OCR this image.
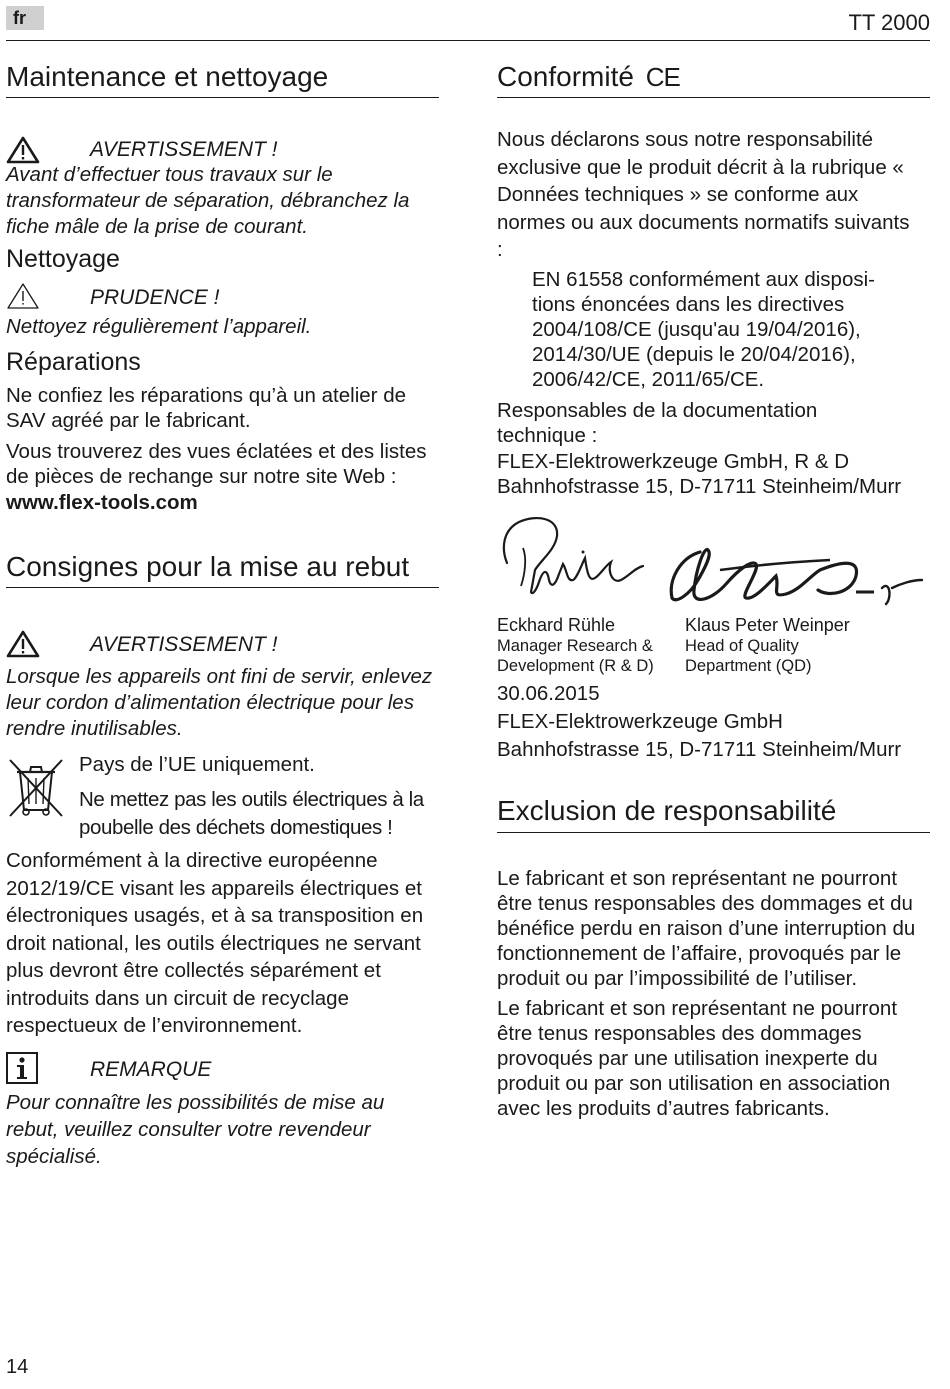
fr	TT 2000
Maintenance et nettoyage
AVERTISSEMENT !
Avant d’effectuer tous travaux sur le transformateur de séparation, débranchez la fiche mâle de la prise de courant.
Nettoyage
PRUDENCE !
Nettoyez régulièrement l’appareil.
Réparations
Ne confiez les réparations qu’à un atelier de SAV agréé par le fabricant.
Vous trouverez des vues éclatées et des listes de pièces de rechange sur notre site Web :
www.flex-tools.com
Consignes pour la mise au rebut
AVERTISSEMENT !
Lorsque les appareils ont fini de servir, enlevez leur cordon d’alimentation électrique pour les rendre inutilisables.
Pays de l’UE uniquement.
Ne mettez pas les outils électriques à la poubelle des déchets domestiques !
Conformément à la directive européenne 2012/19/CE visant les appareils électriques et électroniques usagés, et à sa transposition en droit national, les outils électriques ne servant plus devront être collectés séparément et introduits dans un circuit de recyclage respectueux de l’environnement.
REMARQUE
Pour connaître les possibilités de mise au rebut, veuillez consulter votre revendeur spécialisé.
Conformité CE
Nous déclarons sous notre responsabilité exclusive que le produit décrit à la rubrique « Données techniques » se conforme aux normes ou aux documents normatifs suivants :
EN 61558 conformément aux disposi-tions énoncées dans les directives 2004/108/CE (jusqu'au 19/04/2016), 2014/30/UE (depuis le 20/04/2016), 2006/42/CE, 2011/65/CE.
Responsables de la documentation technique :
FLEX-Elektrowerkzeuge GmbH, R & D
Bahnhofstrasse 15, D-71711 Steinheim/Murr
Eckhard Rühle
Manager Research & Development (R & D)
Klaus Peter Weinper
Head of Quality Department (QD)
30.06.2015
FLEX-Elektrowerkzeuge GmbH
Bahnhofstrasse 15, D-71711 Steinheim/Murr
Exclusion de responsabilité
Le fabricant et son représentant ne pourront être tenus responsables des dommages et du bénéfice perdu en raison d’une interruption du fonctionnement de l’affaire, provoqués par le produit ou par l’impossibilité de l’utiliser.
Le fabricant et son représentant ne pourront être tenus responsables des dommages provoqués par une utilisation inexperte du produit ou par son utilisation en association avec les produits d’autres fabricants.
14
